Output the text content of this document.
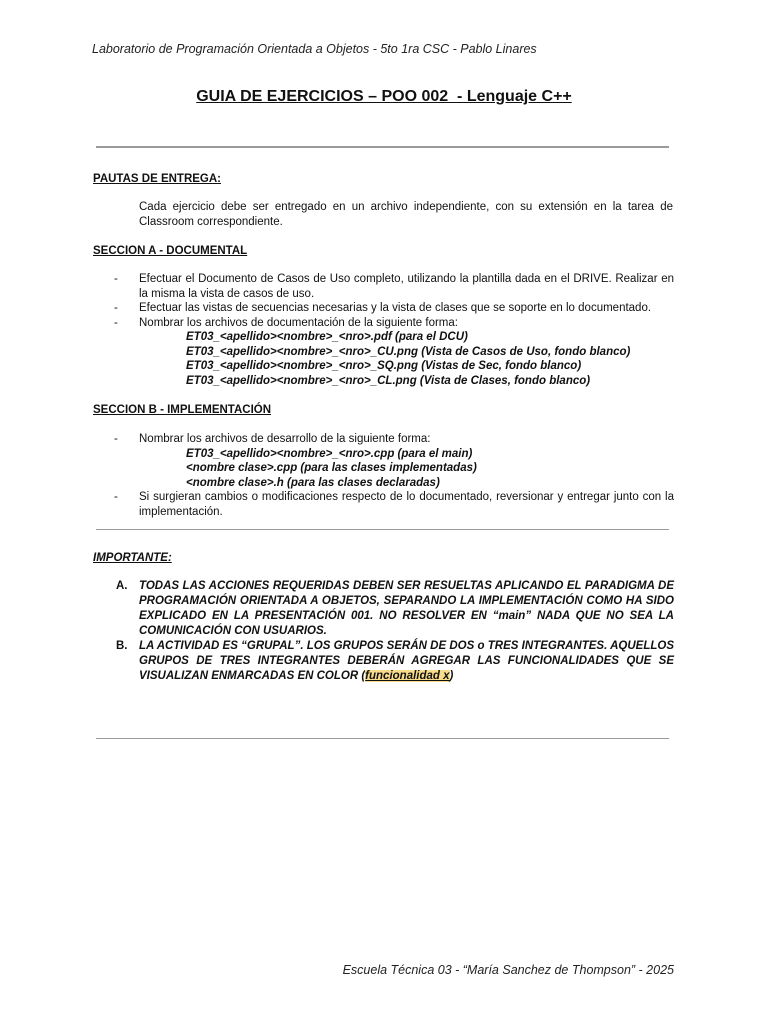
Laboratorio de Programación Orientada a Objetos - 5to 1ra CSC - Pablo Linares
GUIA DE EJERCICIOS – POO 002  - Lenguaje C++
PAUTAS DE ENTREGA:
Cada ejercicio debe ser entregado en un archivo independiente, con su extensión en la tarea de Classroom correspondiente.
SECCION A - DOCUMENTAL
- Efectuar el Documento de Casos de Uso completo, utilizando la plantilla dada en el DRIVE. Realizar en la misma la vista de casos de uso.
- Efectuar las vistas de secuencias necesarias y la vista de clases que se soporte en lo documentado.
- Nombrar los archivos de documentación de la siguiente forma:
ET03_<apellido><nombre>_<nro>.pdf (para el DCU)
ET03_<apellido><nombre>_<nro>_CU.png (Vista de Casos de Uso, fondo blanco)
ET03_<apellido><nombre>_<nro>_SQ.png (Vistas de Sec, fondo blanco)
ET03_<apellido><nombre>_<nro>_CL.png (Vista de Clases, fondo blanco)
SECCION B - IMPLEMENTACIÓN
- Nombrar los archivos de desarrollo de la siguiente forma:
ET03_<apellido><nombre>_<nro>.cpp (para el main)
<nombre clase>.cpp (para las clases implementadas)
<nombre clase>.h (para las clases declaradas)
- Si surgieran cambios o modificaciones respecto de lo documentado, reversionar y entregar junto con la implementación.
IMPORTANTE:
A. TODAS LAS ACCIONES REQUERIDAS DEBEN SER RESUELTAS APLICANDO EL PARADIGMA DE PROGRAMACIÓN ORIENTADA A OBJETOS, SEPARANDO LA IMPLEMENTACIÓN COMO HA SIDO EXPLICADO EN LA PRESENTACIÓN 001. NO RESOLVER EN “main” NADA QUE NO SEA LA COMUNICACIÓN CON USUARIOS.
B. LA ACTIVIDAD ES “GRUPAL”. LOS GRUPOS SERÁN DE DOS o TRES INTEGRANTES. AQUELLOS GRUPOS DE TRES INTEGRANTES DEBERÁN AGREGAR LAS FUNCIONALIDADES QUE SE VISUALIZAN ENMARCADAS EN COLOR (funcionalidad x)
Escuela Técnica 03 - “María Sanchez de Thompson” - 2025
